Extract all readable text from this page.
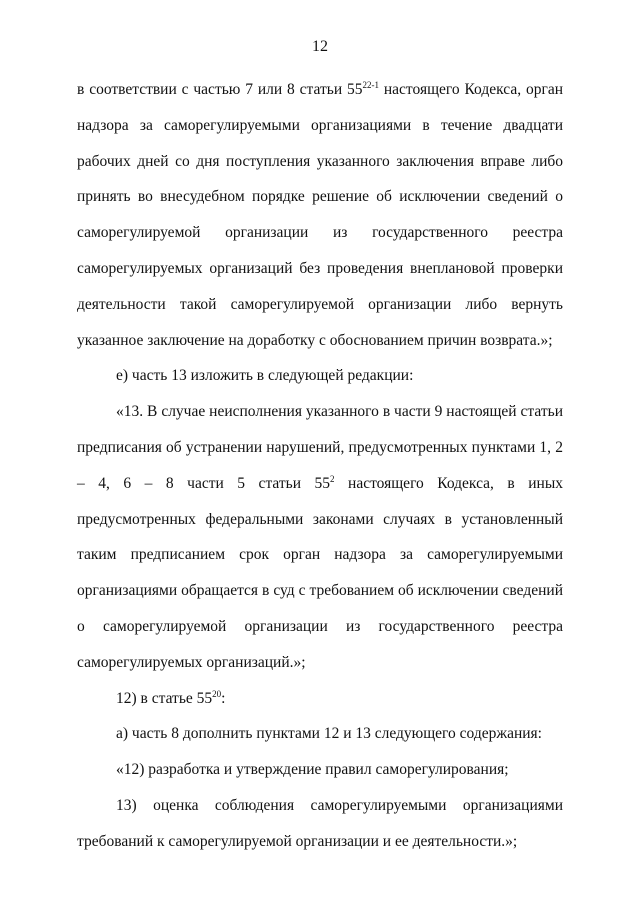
12

в соответствии с частью 7 или 8 статьи 55$^{22-1}$ настоящего Кодекса, орган надзора за саморегулируемыми организациями в течение двадцати рабочих дней со дня поступления указанного заключения вправе либо принять во внесудебном порядке решение об исключении сведений о саморегулируемой организации из государственного реестра саморегулируемых организаций без проведения внеплановой проверки деятельности такой саморегулируемой организации либо вернуть указанное заключение на доработку с обоснованием причин возврата.»;

е) часть 13 изложить в следующей редакции:

«13. В случае неисполнения указанного в части 9 настоящей статьи предписания об устранении нарушений, предусмотренных пунктами 1, 2 – 4, 6 – 8 части 5 статьи $55^2$ настоящего Кодекса, в иных предусмотренных федеральными законами случаях в установленный таким предписанием срок орган надзора за саморегулируемыми организациями обращается в суд с требованием об исключении сведений о саморегулируемой организации из государственного реестра саморегулируемых организаций.»;

12) в статье $55^{20}$:

а) часть 8 дополнить пунктами 12 и 13 следующего содержания:

«12) разработка и утверждение правил саморегулирования;

13) оценка соблюдения саморегулируемыми организациями требований к саморегулируемой организации и ее деятельности.»;
